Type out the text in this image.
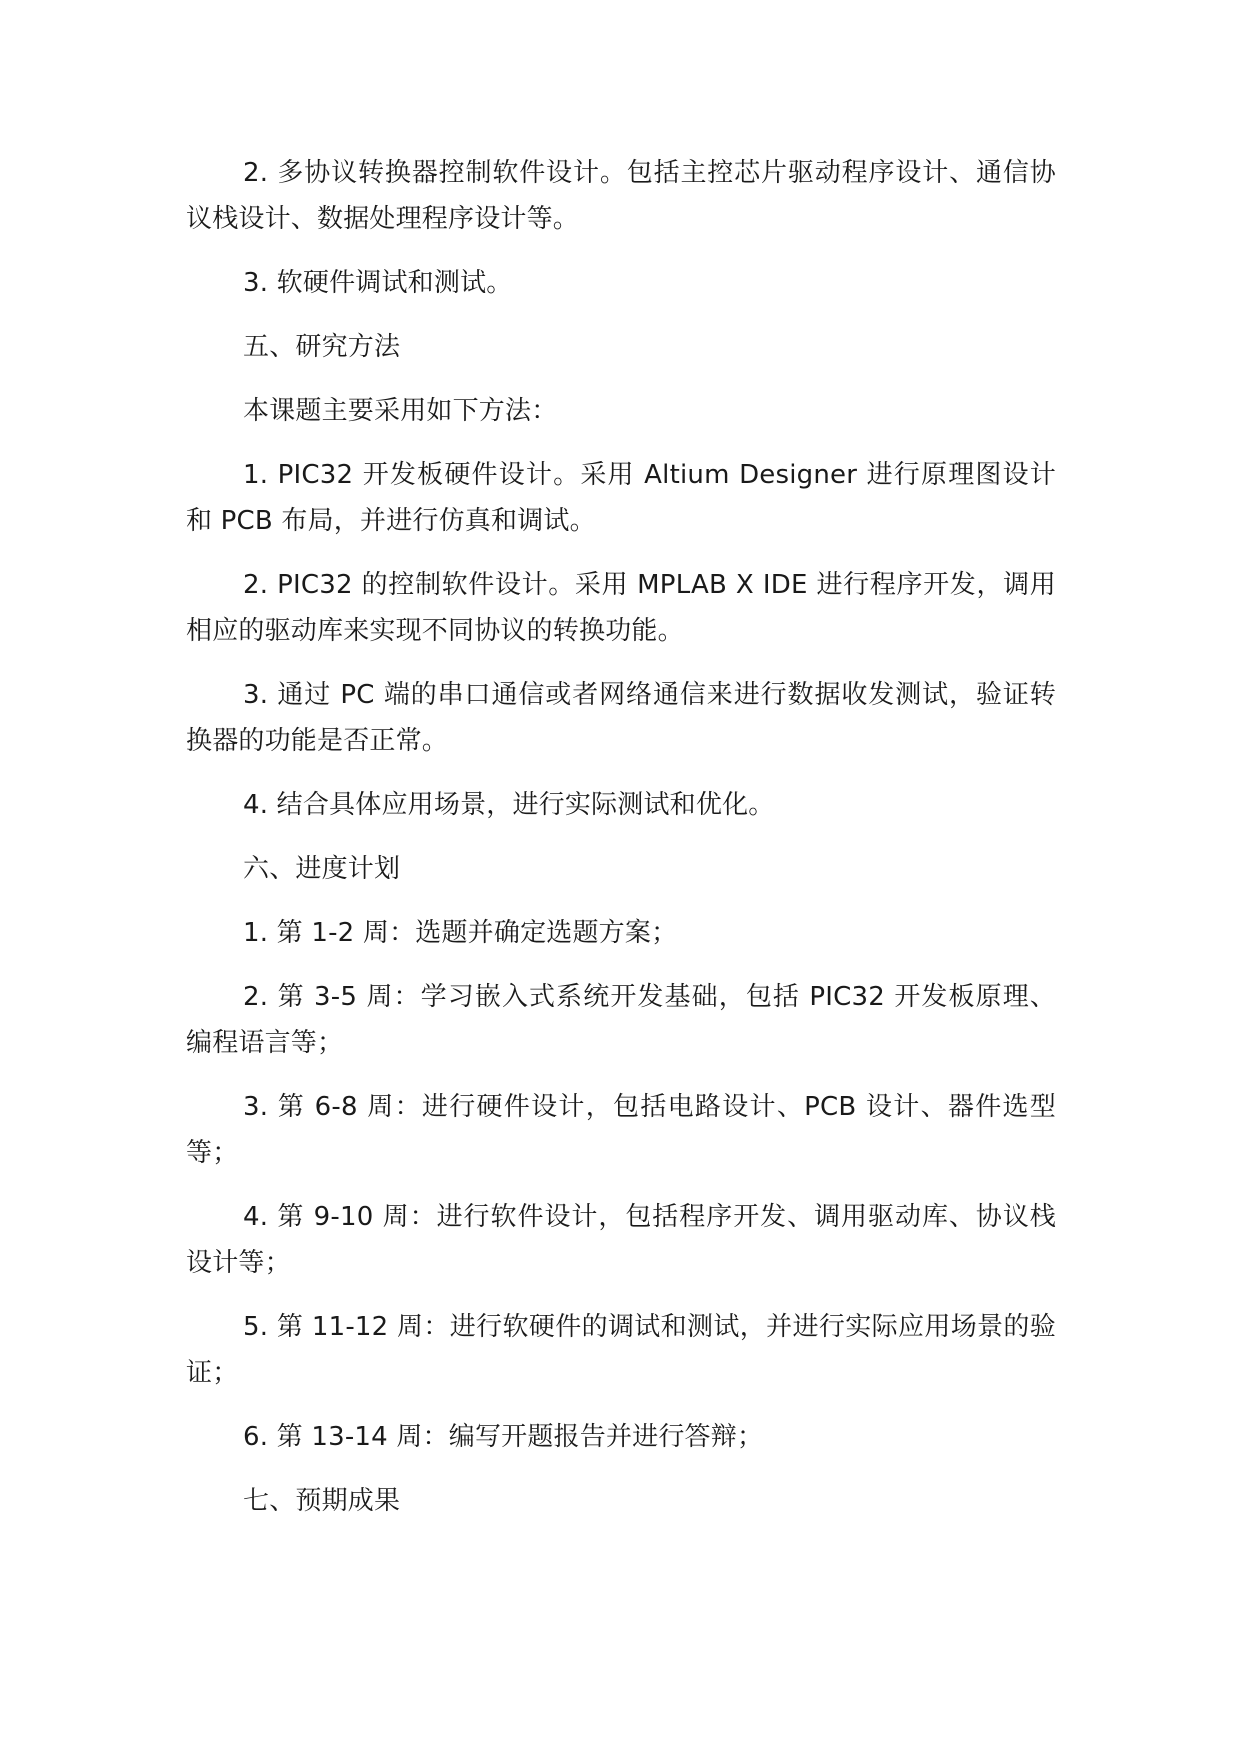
2. 多协议转换器控制软件设计。包括主控芯片驱动程序设计、通信协议栈设计、数据处理程序设计等。

3. 软硬件调试和测试。

五、研究方法

本课题主要采用如下方法：

1. PIC32 开发板硬件设计。采用 Altium Designer 进行原理图设计和 PCB 布局，并进行仿真和调试。

2. PIC32 的控制软件设计。采用 MPLAB X IDE 进行程序开发，调用相应的驱动库来实现不同协议的转换功能。

3. 通过 PC 端的串口通信或者网络通信来进行数据收发测试，验证转换器的功能是否正常。

4. 结合具体应用场景，进行实际测试和优化。

六、进度计划

1. 第 1-2 周：选题并确定选题方案；

2. 第 3-5 周：学习嵌入式系统开发基础，包括 PIC32 开发板原理、编程语言等；

3. 第 6-8 周：进行硬件设计，包括电路设计、PCB 设计、器件选型等；

4. 第 9-10 周：进行软件设计，包括程序开发、调用驱动库、协议栈设计等；

5. 第 11-12 周：进行软硬件的调试和测试，并进行实际应用场景的验证；

6. 第 13-14 周：编写开题报告并进行答辩；

七、预期成果
